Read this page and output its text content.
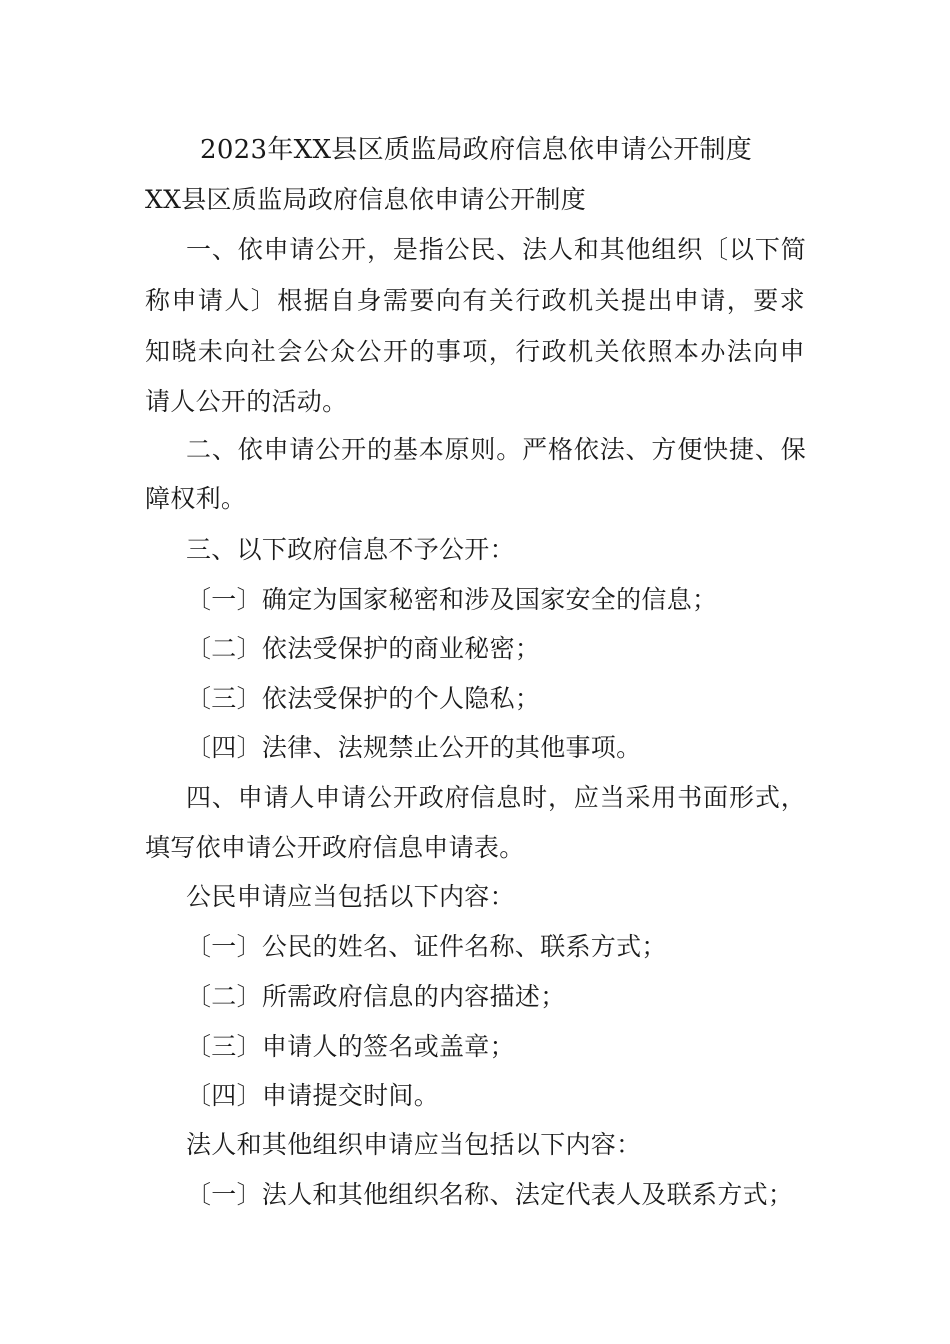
2023年XX县区质监局政府信息依申请公开制度
XX县区质监局政府信息依申请公开制度
一、依申请公开，是指公民、法人和其他组织〔以下简
称申请人〕根据自身需要向有关行政机关提出申请，要求
知晓未向社会公众公开的事项，行政机关依照本办法向申
请人公开的活动。
二、依申请公开的基本原则。严格依法、方便快捷、保
障权利。
三、以下政府信息不予公开：
〔一〕确定为国家秘密和涉及国家安全的信息；
〔二〕依法受保护的商业秘密；
〔三〕依法受保护的个人隐私；
〔四〕法律、法规禁止公开的其他事项。
四、申请人申请公开政府信息时，应当采用书面形式，
填写依申请公开政府信息申请表。
公民申请应当包括以下内容：
〔一〕公民的姓名、证件名称、联系方式；
〔二〕所需政府信息的内容描述；
〔三〕申请人的签名或盖章；
〔四〕申请提交时间。
法人和其他组织申请应当包括以下内容：
〔一〕法人和其他组织名称、法定代表人及联系方式；
